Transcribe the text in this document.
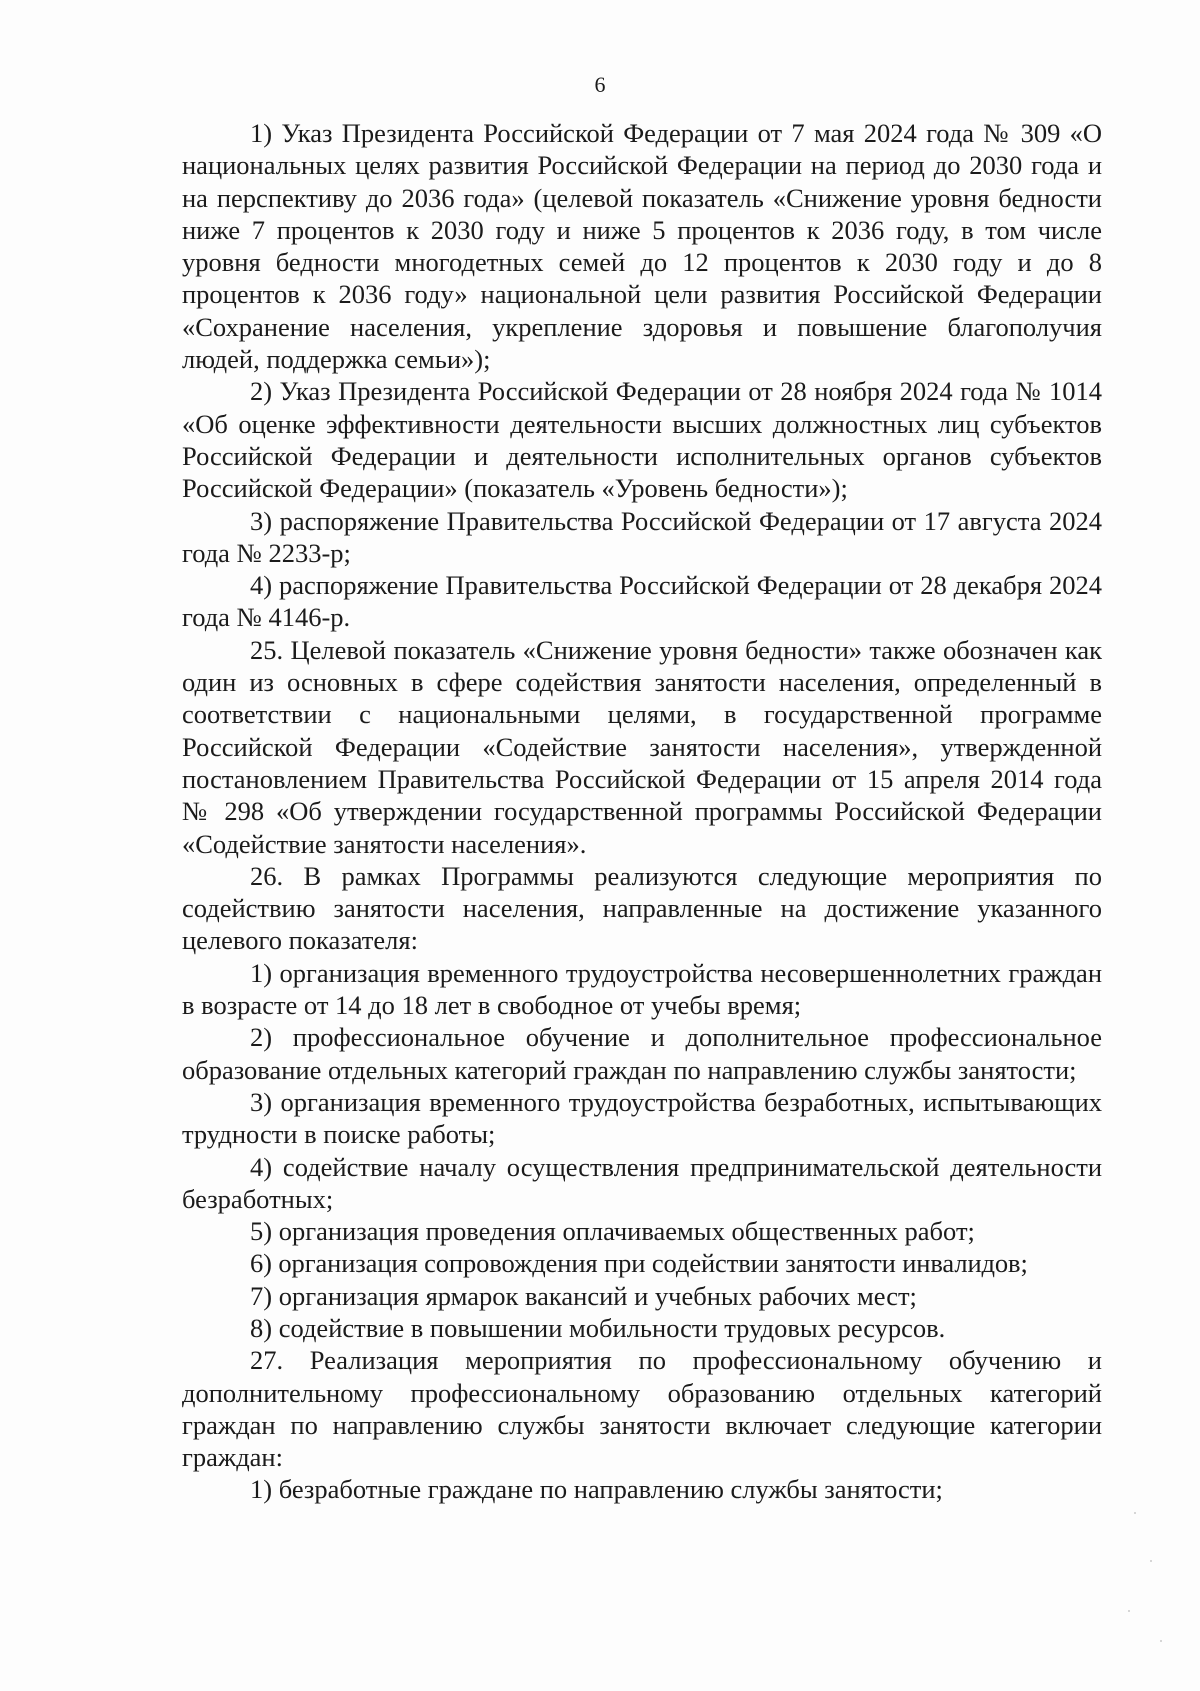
6

1) Указ Президента Российской Федерации от 7 мая 2024 года № 309 «О национальных целях развития Российской Федерации на период до 2030 года и на перспективу до 2036 года» (целевой показатель «Снижение уровня бедности ниже 7 процентов к 2030 году и ниже 5 процентов к 2036 году, в том числе уровня бедности многодетных семей до 12 процентов к 2030 году и до 8 процентов к 2036 году» национальной цели развития Российской Федерации «Сохранение населения, укрепление здоровья и повышение благополучия людей, поддержка семьи»);

2) Указ Президента Российской Федерации от 28 ноября 2024 года № 1014 «Об оценке эффективности деятельности высших должностных лиц субъектов Российской Федерации и деятельности исполнительных органов субъектов Российской Федерации» (показатель «Уровень бедности»);

3) распоряжение Правительства Российской Федерации от 17 августа 2024 года № 2233-р;

4) распоряжение Правительства Российской Федерации от 28 декабря 2024 года № 4146-р.

25. Целевой показатель «Снижение уровня бедности» также обозначен как один из основных в сфере содействия занятости населения, определенный в соответствии с национальными целями, в государственной программе Российской Федерации «Содействие занятости населения», утвержденной постановлением Правительства Российской Федерации от 15 апреля 2014 года № 298 «Об утверждении государственной программы Российской Федерации «Содействие занятости населения».

26. В рамках Программы реализуются следующие мероприятия по содействию занятости населения, направленные на достижение указанного целевого показателя:

1) организация временного трудоустройства несовершеннолетних граждан в возрасте от 14 до 18 лет в свободное от учебы время;

2) профессиональное обучение и дополнительное профессиональное образование отдельных категорий граждан по направлению службы занятости;

3) организация временного трудоустройства безработных, испытывающих трудности в поиске работы;

4) содействие началу осуществления предпринимательской деятельности безработных;

5) организация проведения оплачиваемых общественных работ;

6) организация сопровождения при содействии занятости инвалидов;

7) организация ярмарок вакансий и учебных рабочих мест;

8) содействие в повышении мобильности трудовых ресурсов.

27. Реализация мероприятия по профессиональному обучению и дополнительному профессиональному образованию отдельных категорий граждан по направлению службы занятости включает следующие категории граждан:

1) безработные граждане по направлению службы занятости;
